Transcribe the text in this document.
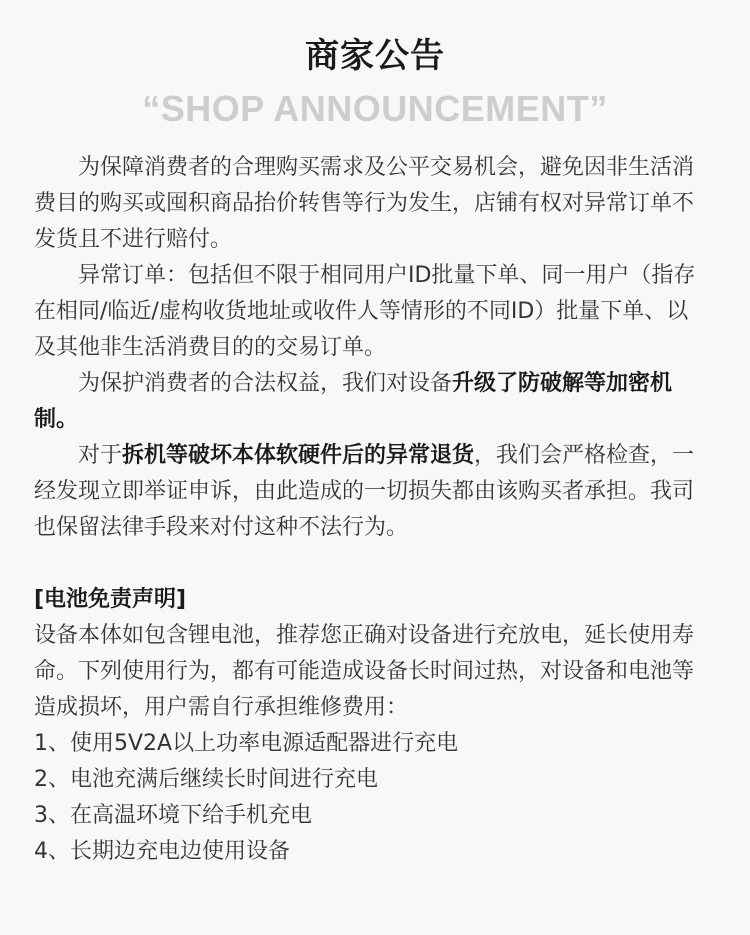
商家公告
“SHOP ANNOUNCEMENT”

为保障消费者的合理购买需求及公平交易机会，避免因非生活消费目的购买或囤积商品抬价转售等行为发生，店铺有权对异常订单不发货且不进行赔付。

异常订单：包括但不限于相同用户ID批量下单、同一用户（指存在相同/临近/虚构收货地址或收件人等情形的不同ID）批量下单、以及其他非生活消费目的的交易订单。

为保护消费者的合法权益，我们对设备升级了防破解等加密机制。

对于拆机等破坏本体软硬件后的异常退货，我们会严格检查，一经发现立即举证申诉，由此造成的一切损失都由该购买者承担。我司也保留法律手段来对付这种不法行为。

[电池免责声明]

设备本体如包含锂电池，推荐您正确对设备进行充放电，延长使用寿命。下列使用行为，都有可能造成设备长时间过热，对设备和电池等造成损坏，用户需自行承担维修费用：

1、使用5V2A以上功率电源适配器进行充电

2、电池充满后继续长时间进行充电

3、在高温环境下给手机充电

4、长期边充电边使用设备
